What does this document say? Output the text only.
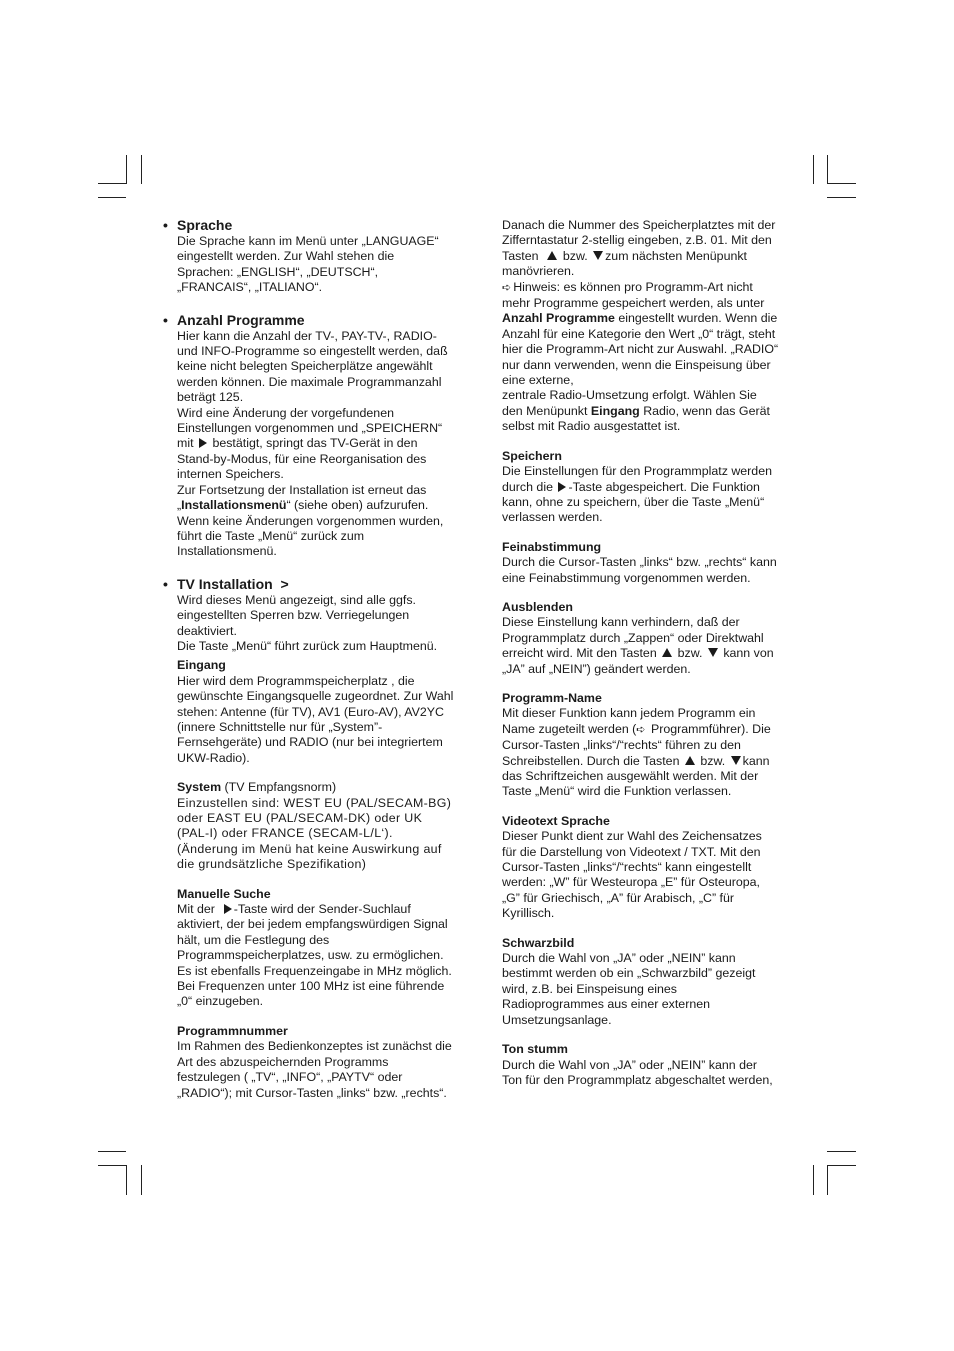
• Sprache
Die Sprache kann im Menü unter „LANGUAGE“
eingestellt werden. Zur Wahl stehen die
Sprachen: „ENGLISH“, „DEUTSCH“,
„FRANCAIS“, „ITALIANO“.
• Anzahl Programme
Hier kann die Anzahl der TV-, PAY-TV-, RADIO-
und INFO-Programme so eingestellt werden, daß
keine nicht belegten Speicherplätze angewählt
werden können. Die maximale Programmanzahl
beträgt 125.
Wird eine Änderung der vorgefundenen
Einstellungen vorgenommen und „SPEICHERN“
mit bestätigt, springt das TV-Gerät in den
Stand-by-Modus, für eine Reorganisation des
internen Speichers.
Zur Fortsetzung der Installation ist erneut das
„Installationsmenü“ (siehe oben) aufzurufen.
Wenn keine Änderungen vorgenommen wurden,
führt die Taste „Menü“ zurück zum
Installationsmenü.
• TV Installation >
Wird dieses Menü angezeigt, sind alle ggfs.
eingestellten Sperren bzw. Verriegelungen
deaktiviert.
Die Taste „Menü“ führt zurück zum Hauptmenü.
Eingang
Hier wird dem Programmspeicherplatz , die
gewünschte Eingangsquelle zugeordnet. Zur Wahl
stehen: Antenne (für TV), AV1 (Euro-AV), AV2YC
(innere Schnittstelle nur für „System”-
Fernsehgeräte) und RADIO (nur bei integriertem
UKW-Radio).
System (TV Empfangsnorm)
Einzustellen sind: WEST EU (PAL/SECAM-BG)
oder EAST EU (PAL/SECAM-DK) oder UK
(PAL-I) oder FRANCE (SECAM-L/L‘).
(Änderung im Menü hat keine Auswirkung auf
die grundsätzliche Spezifikation)
Manuelle Suche
Mit der -Taste wird der Sender-Suchlauf
aktiviert, der bei jedem empfangswürdigen Signal
hält, um die Festlegung des
Programmspeicherplatzes, usw. zu ermöglichen.
Es ist ebenfalls Frequenzeingabe in MHz möglich.
Bei Frequenzen unter 100 MHz ist eine führende
„0“ einzugeben.
Programmnummer
Im Rahmen des Bedienkonzeptes ist zunächst die
Art des abzuspeichernden Programms
festzulegen ( „TV“, „INFO“, „PAYTV“ oder
„RADIO“); mit Cursor-Tasten „links“ bzw. „rechts“.
Danach die Nummer des Speicherplatztes mit der
Zifferntastatur 2-stellig eingeben, z.B. 01. Mit den
Tasten bzw. zum nächsten Menüpunkt
manövrieren.
➪ Hinweis: es können pro Programm-Art nicht
mehr Programme gespeichert werden, als unter
Anzahl Programme eingestellt wurden. Wenn die
Anzahl für eine Kategorie den Wert „0“ trägt, steht
hier die Programm-Art nicht zur Auswahl. „RADIO“
nur dann verwenden, wenn die Einspeisung über
eine externe,
zentrale Radio-Umsetzung erfolgt. Wählen Sie
den Menüpunkt Eingang Radio, wenn das Gerät
selbst mit Radio ausgestattet ist.
Speichern
Die Einstellungen für den Programmplatz werden
durch die -Taste abgespeichert. Die Funktion
kann, ohne zu speichern, über die Taste „Menü“
verlassen werden.
Feinabstimmung
Durch die Cursor-Tasten „links“ bzw. „rechts“ kann
eine Feinabstimmung vorgenommen werden.
Ausblenden
Diese Einstellung kann verhindern, daß der
Programmplatz durch „Zappen“ oder Direktwahl
erreicht wird. Mit den Tasten bzw. kann von
„JA” auf „NEIN”) geändert werden.
Programm-Name
Mit dieser Funktion kann jedem Programm ein
Name zugeteilt werden (➪ Programmführer). Die
Cursor-Tasten „links“/“rechts“ führen zu den
Schreibstellen. Durch die Tasten bzw. kann
das Schriftzeichen ausgewählt werden. Mit der
Taste „Menü“ wird die Funktion verlassen.
Videotext Sprache
Dieser Punkt dient zur Wahl des Zeichensatzes
für die Darstellung von Videotext / TXT. Mit den
Cursor-Tasten „links“/“rechts“ kann eingestellt
werden: „W” für Westeuropa „E” für Osteuropa,
„G” für Griechisch, „A” für Arabisch, „C” für
Kyrillisch.
Schwarzbild
Durch die Wahl von „JA” oder „NEIN” kann
bestimmt werden ob ein „Schwarzbild” gezeigt
wird, z.B. bei Einspeisung eines
Radioprogrammes aus einer externen
Umsetzungsanlage.
Ton stumm
Durch die Wahl von „JA” oder „NEIN” kann der
Ton für den Programmplatz abgeschaltet werden,
